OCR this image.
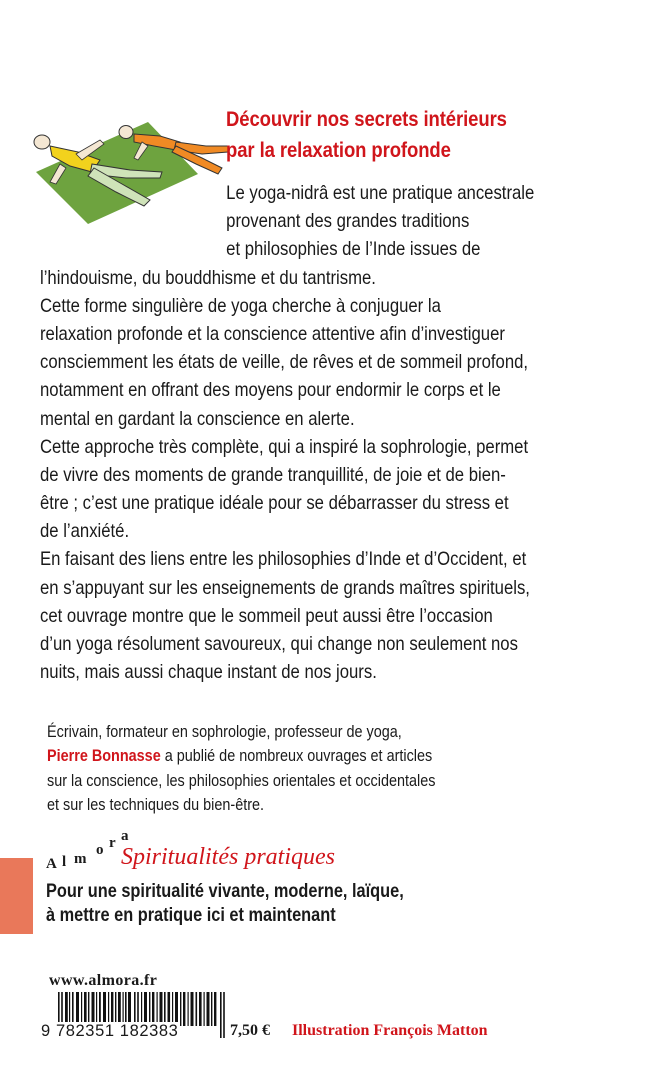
Découvrir nos secrets intérieurs
par la relaxation profonde
Le yoga-nidrâ est une pratique ancestrale
provenant des grandes traditions
et philosophies de l’Inde issues de
l’hindouisme, du bouddhisme et du tantrisme.
Cette forme singulière de yoga cherche à conjuguer la
relaxation profonde et la conscience attentive afin d’investiguer
consciemment les états de veille, de rêves et de sommeil profond,
notamment en offrant des moyens pour endormir le corps et le
mental en gardant la conscience en alerte.
Cette approche très complète, qui a inspiré la sophrologie, permet
de vivre des moments de grande tranquillité, de joie et de bien-
être ; c’est une pratique idéale pour se débarrasser du stress et
de l’anxiété.
En faisant des liens entre les philosophies d’Inde et d’Occident, et
en s’appuyant sur les enseignements de grands maîtres spirituels,
cet ouvrage montre que le sommeil peut aussi être l’occasion
d’un yoga résolument savoureux, qui change non seulement nos
nuits, mais aussi chaque instant de nos jours.
Écrivain, formateur en sophrologie, professeur de yoga,
Pierre Bonnasse a publié de nombreux ouvrages et articles
sur la conscience, les philosophies orientales et occidentales
et sur les techniques du bien-être.
A l m
o r a
Spiritualités pratiques
Pour une spiritualité vivante, moderne, laïque,
à mettre en pratique ici et maintenant
www.almora.fr
9 782351 182383	7,50 € Illustration François Matton
